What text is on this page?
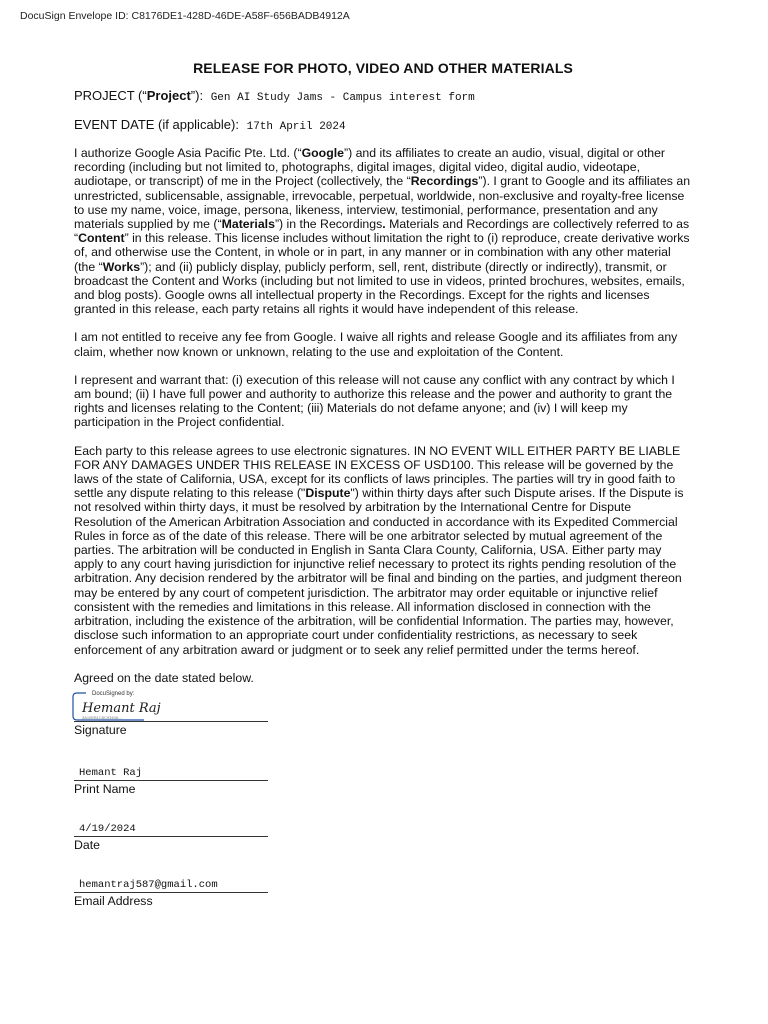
DocuSign Envelope ID: C8176DE1-428D-46DE-A58F-656BADB4912A
RELEASE FOR PHOTO, VIDEO AND OTHER MATERIALS
PROJECT (“Project”): Gen AI Study Jams - Campus interest form
EVENT DATE (if applicable): 17th April 2024

I authorize Google Asia Pacific Pte. Ltd. (“Google”) and its affiliates to create an audio, visual, digital or other recording (including but not limited to, photographs, digital images, digital video, digital audio, videotape, audiotape, or transcript) of me in the Project (collectively, the “Recordings”). I grant to Google and its affiliates an unrestricted, sublicensable, assignable, irrevocable, perpetual, worldwide, non-exclusive and royalty-free license to use my name, voice, image, persona, likeness, interview, testimonial, performance, presentation and any materials supplied by me (“Materials”) in the Recordings. Materials and Recordings are collectively referred to as “Content” in this release. This license includes without limitation the right to (i) reproduce, create derivative works of, and otherwise use the Content, in whole or in part, in any manner or in combination with any other material (the “Works”); and (ii) publicly display, publicly perform, sell, rent, distribute (directly or indirectly), transmit, or broadcast the Content and Works (including but not limited to use in videos, printed brochures, websites, emails, and blog posts). Google owns all intellectual property in the Recordings. Except for the rights and licenses granted in this release, each party retains all rights it would have independent of this release.

I am not entitled to receive any fee from Google. I waive all rights and release Google and its affiliates from any claim, whether now known or unknown, relating to the use and exploitation of the Content.

I represent and warrant that: (i) execution of this release will not cause any conflict with any contract by which I am bound; (ii) I have full power and authority to authorize this release and the power and authority to grant the rights and licenses relating to the Content; (iii) Materials do not defame anyone; and (iv) I will keep my participation in the Project confidential.

Each party to this release agrees to use electronic signatures. IN NO EVENT WILL EITHER PARTY BE LIABLE FOR ANY DAMAGES UNDER THIS RELEASE IN EXCESS OF USD100. This release will be governed by the laws of the state of California, USA, except for its conflicts of laws principles. The parties will try in good faith to settle any dispute relating to this release ("Dispute") within thirty days after such Dispute arises. If the Dispute is not resolved within thirty days, it must be resolved by arbitration by the International Centre for Dispute Resolution of the American Arbitration Association and conducted in accordance with its Expedited Commercial Rules in force as of the date of this release. There will be one arbitrator selected by mutual agreement of the parties. The arbitration will be conducted in English in Santa Clara County, California, USA. Either party may apply to any court having jurisdiction for injunctive relief necessary to protect its rights pending resolution of the arbitration. Any decision rendered by the arbitrator will be final and binding on the parties, and judgment thereon may be entered by any court of competent jurisdiction. The arbitrator may order equitable or injunctive relief consistent with the remedies and limitations in this release. All information disclosed in connection with the arbitration, including the existence of the arbitration, will be confidential Information. The parties may, however, disclose such information to an appropriate court under confidentiality restrictions, as necessary to seek enforcement of any arbitration award or judgment or to seek any relief permitted under the terms hereof.

Agreed on the date stated below.
DocuSigned by:
Hemant Raj
3A10EB1C8C9340A...
Signature
Hemant Raj
Print Name
4/19/2024
Date
hemantraj587@gmail.com
Email Address
